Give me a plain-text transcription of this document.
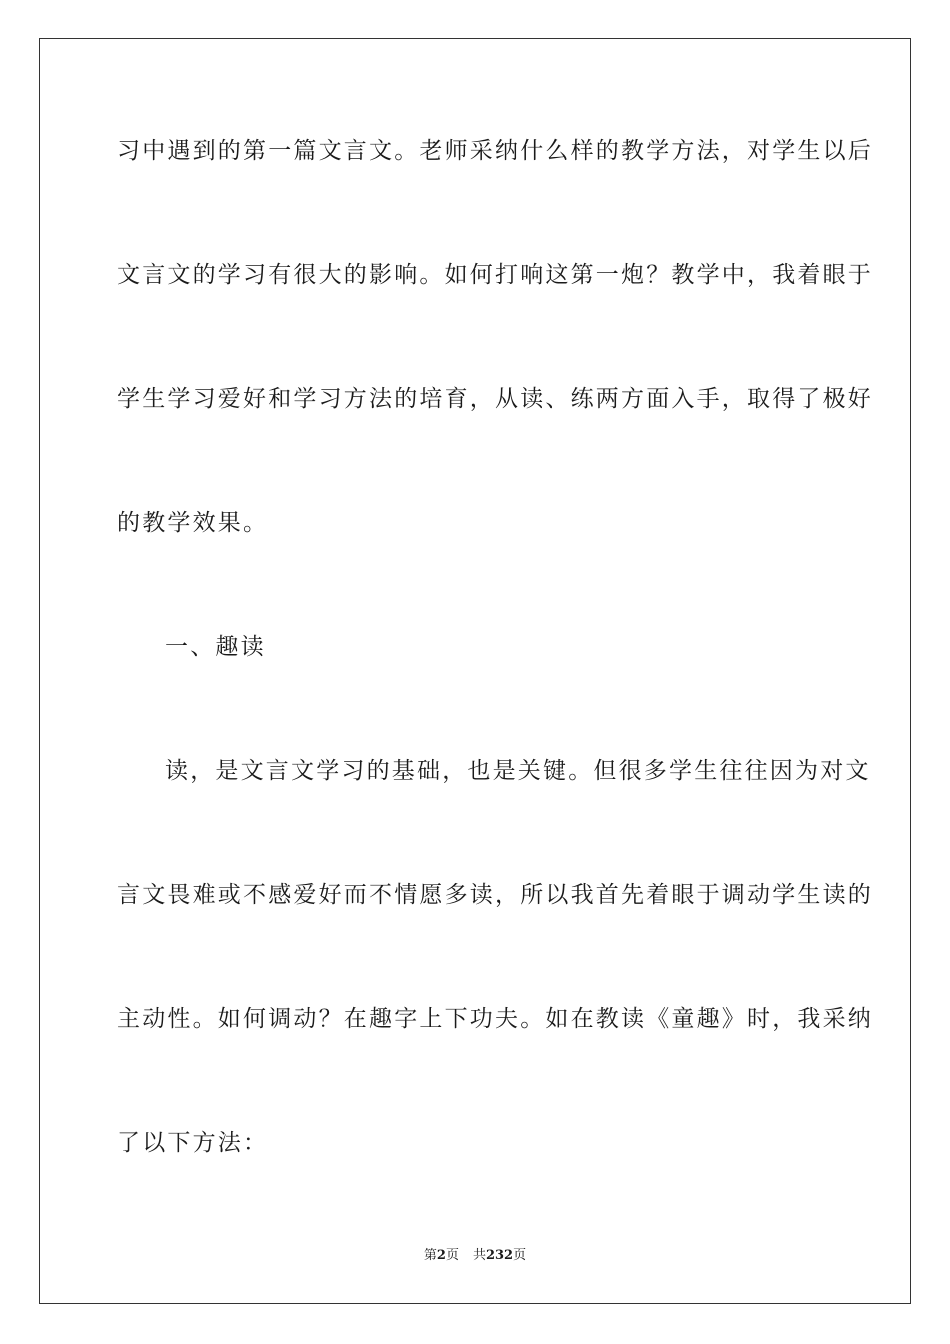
习中遇到的第一篇文言文。老师采纳什么样的教学方法，对学生以后
文言文的学习有很大的影响。如何打响这第一炮？教学中，我着眼于
学生学习爱好和学习方法的培育，从读、练两方面入手，取得了极好
的教学效果。
一、趣读
读，是文言文学习的基础，也是关键。但很多学生往往因为对文
言文畏难或不感爱好而不情愿多读，所以我首先着眼于调动学生读的
主动性。如何调动？在趣字上下功夫。如在教读《童趣》时，我采纳
了以下方法：
第2页 共232页
